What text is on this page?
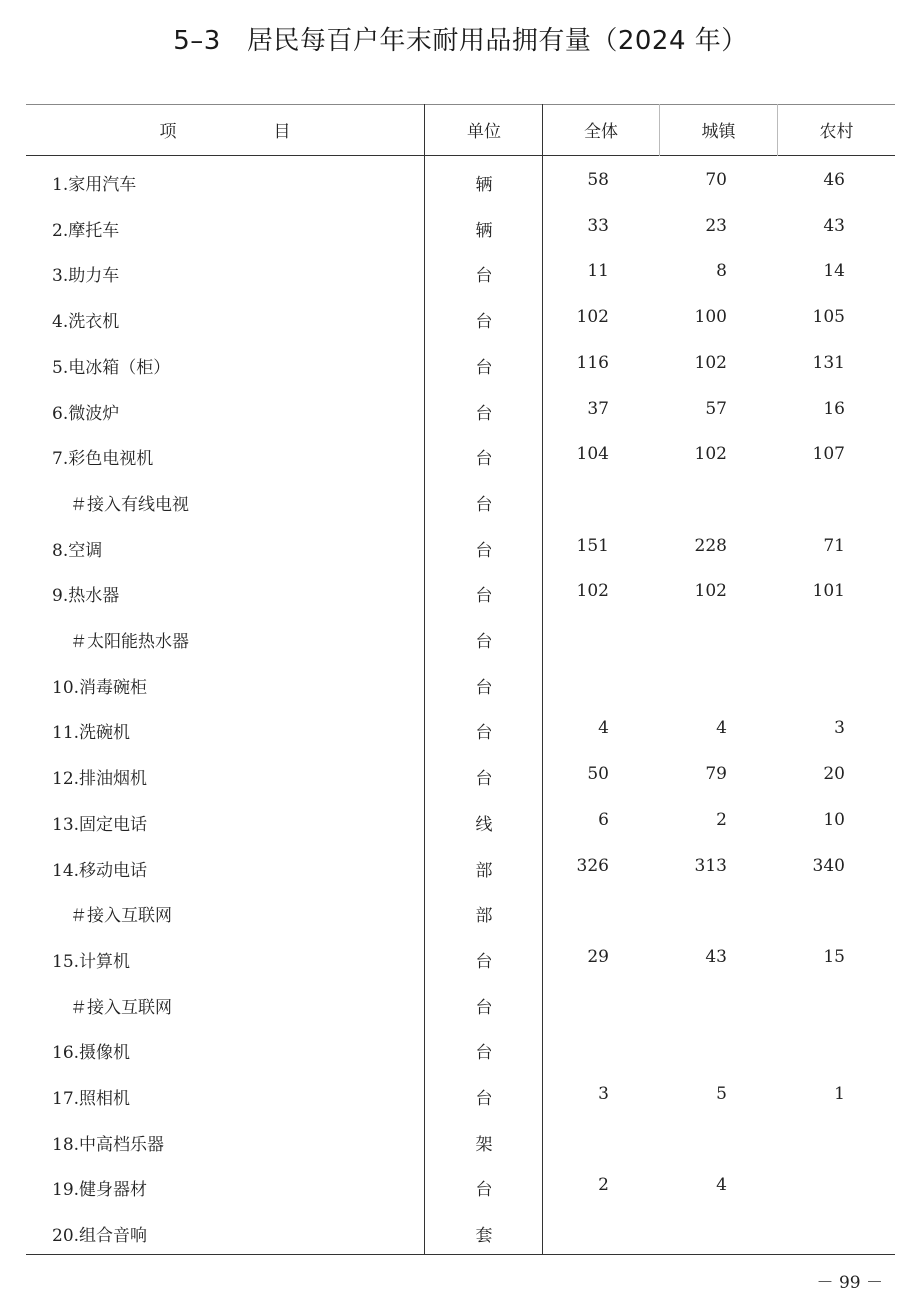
5–3 居民每百户年末耐用品拥有量（2024 年）
项	目	单位	全体	城镇	农村
1.家用汽车	辆	58	70	46
2.摩托车	辆	33	23	43
3.助力车	台	11	8	14
4.洗衣机	台	102	100	105
5.电冰箱（柜）	台	116	102	131
6.微波炉	台	37	57	16
7.彩色电视机	台	104	102	107
＃接入有线电视	台
8.空调	台	151	228	71
9.热水器	台	102	102	101
＃太阳能热水器	台
10.消毒碗柜	台
11.洗碗机	台	4	4	3
12.排油烟机	台	50	79	20
13.固定电话	线	6	2	10
14.移动电话	部	326	313	340
＃接入互联网	部
15.计算机	台	29	43	15
＃接入互联网	台
16.摄像机	台
17.照相机	台	3	5	1
18.中高档乐器	架
19.健身器材	台	2	4
20.组合音响	套
－ 99 －
